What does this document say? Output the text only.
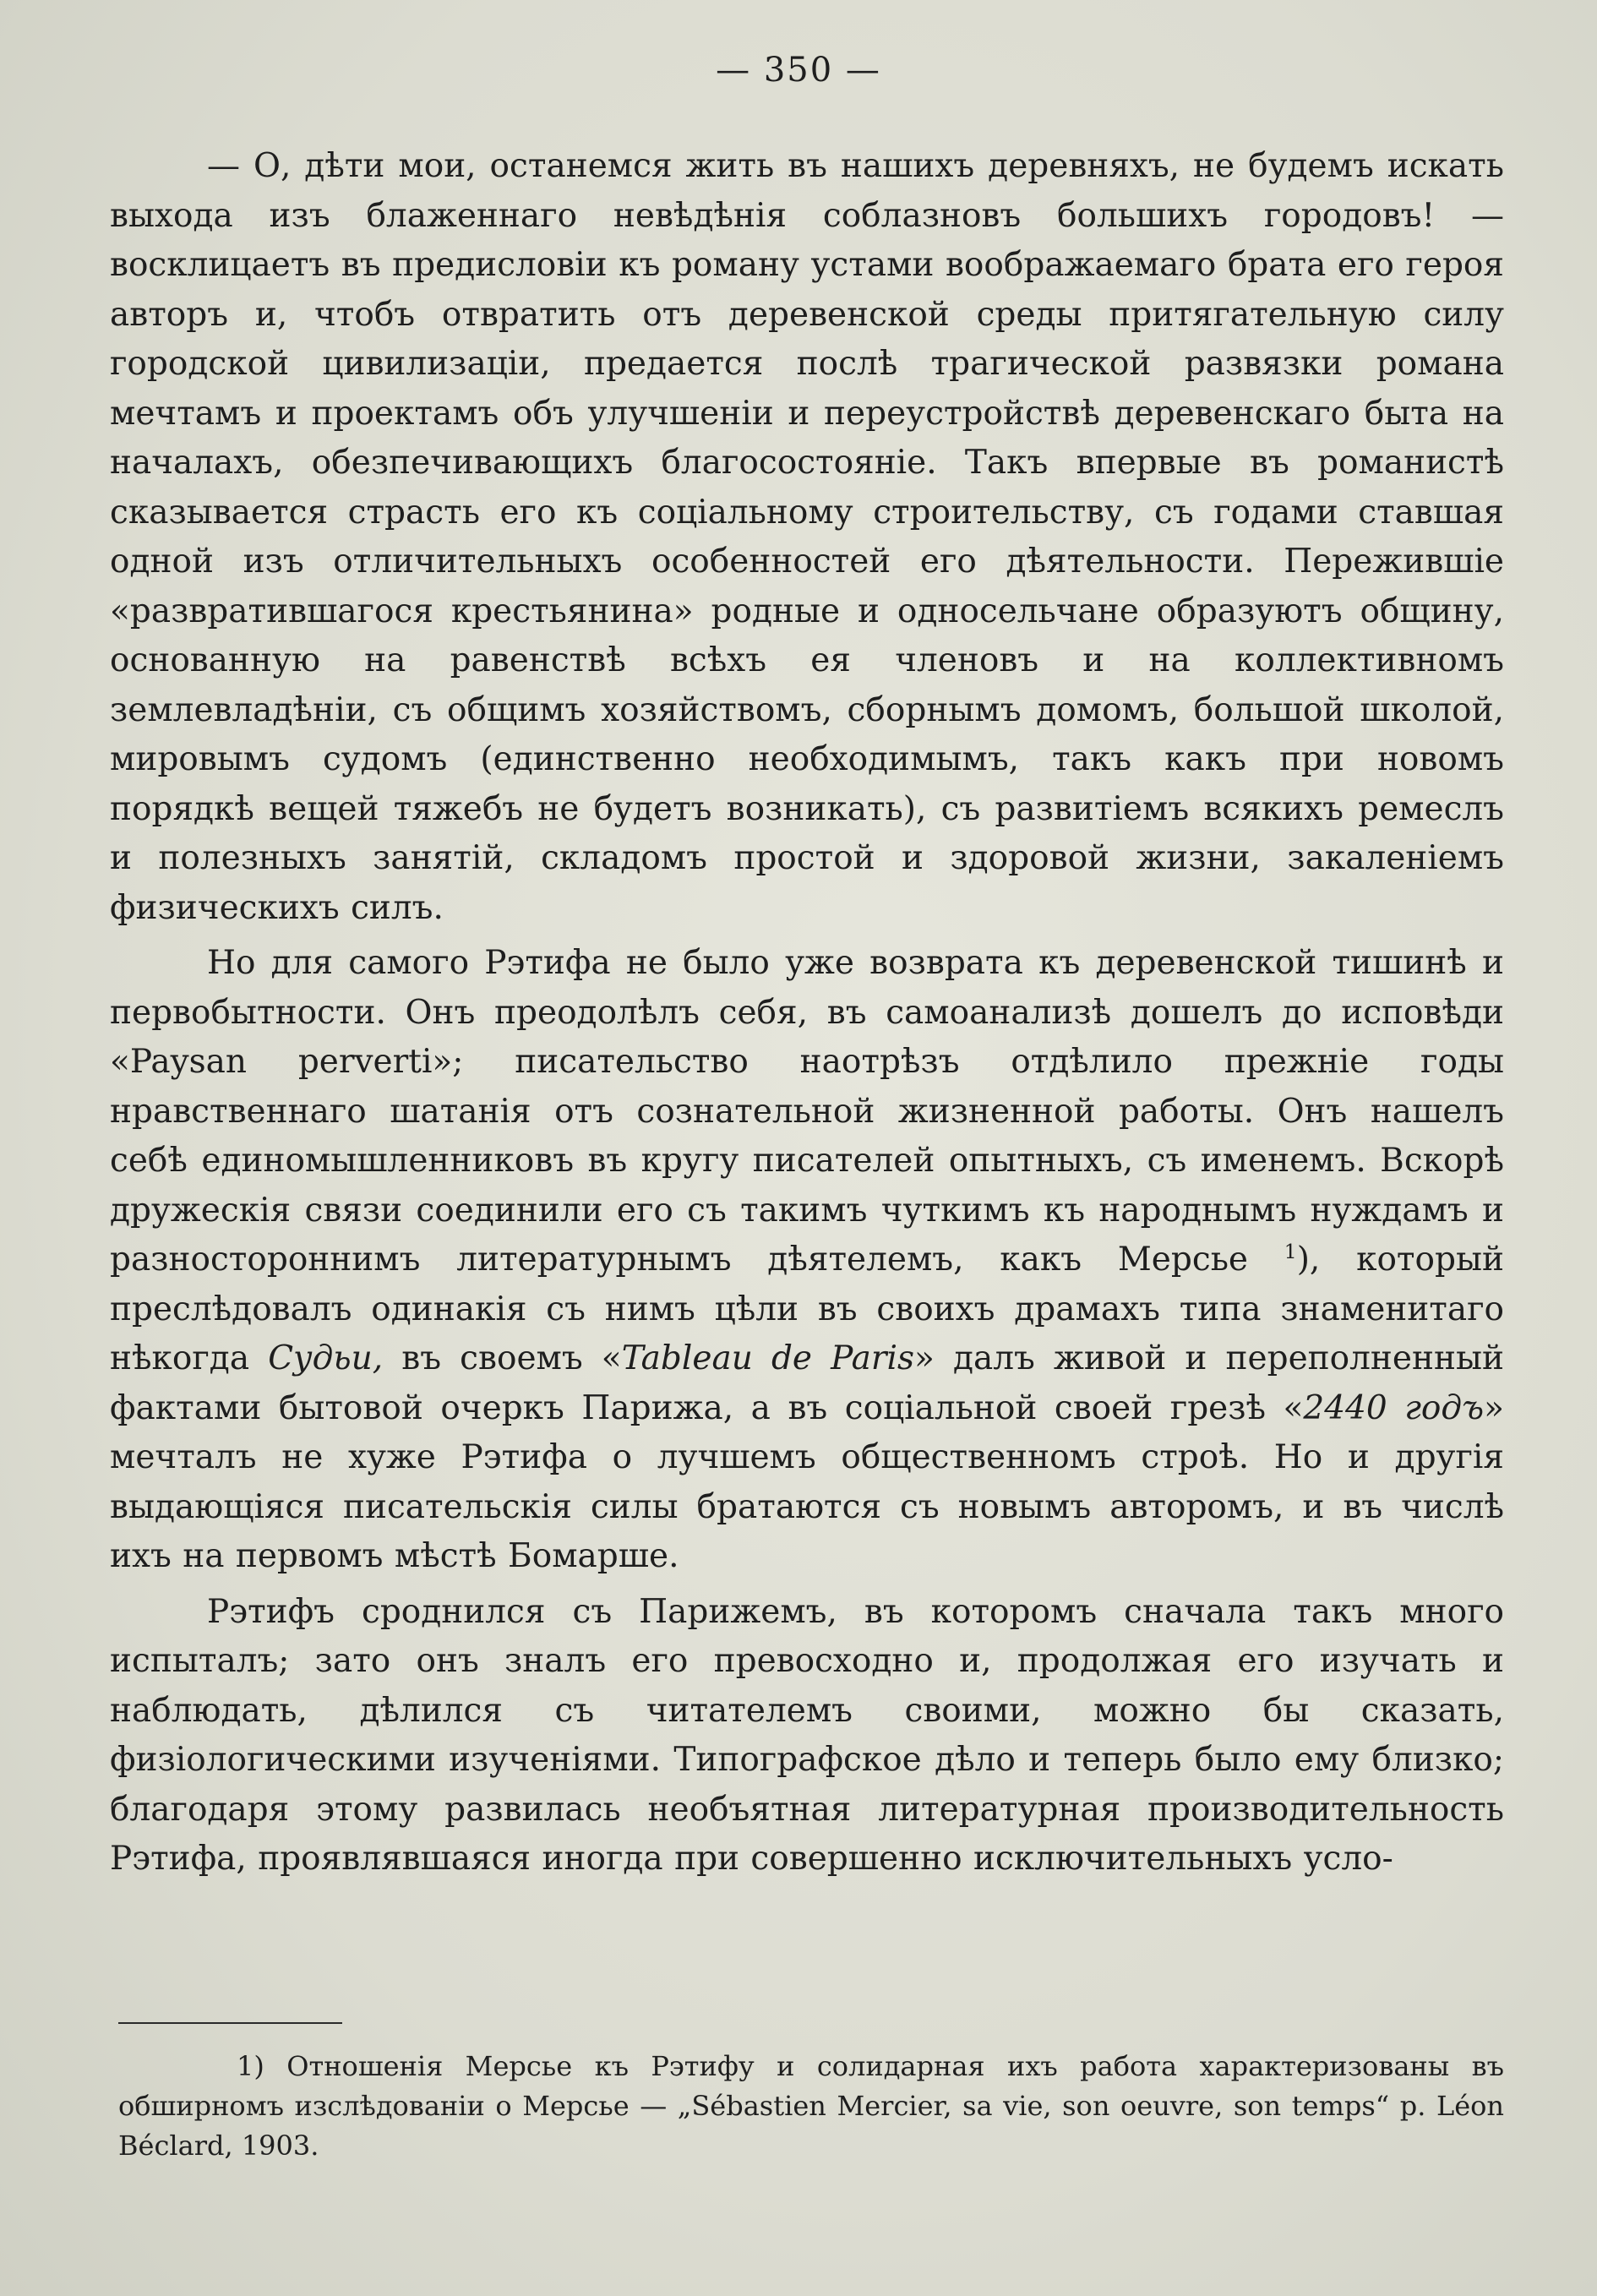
— 350 —

— О, дѣти мои, останемся жить въ нашихъ деревняхъ, не будемъ искать выхода изъ блаженнаго невѣдѣнія соблазновъ большихъ городовъ! — восклицаетъ въ предисловіи къ роману устами воображаемаго брата его героя авторъ и, чтобъ отвратить отъ деревенской среды притягательную силу городской цивилизаціи, предается послѣ трагической развязки романа мечтамъ и проектамъ объ улучшеніи и переустройствѣ деревенскаго быта на началахъ, обезпечивающихъ благосостояніе. Такъ впервые въ романистѣ сказывается страсть его къ соціальному строительству, съ годами ставшая одной изъ отличительныхъ особенностей его дѣятельности. Пережившіе «развратившагося крестьянина» родные и односельчане образуютъ общину, основанную на равенствѣ всѣхъ ея членовъ и на коллективномъ землевладѣніи, съ общимъ хозяйствомъ, сборнымъ домомъ, большой школой, мировымъ судомъ (единственно необходимымъ, такъ какъ при новомъ порядкѣ вещей тяжебъ не будетъ возникать), съ развитіемъ всякихъ ремеслъ и полезныхъ занятій, складомъ простой и здоровой жизни, закаленіемъ физическихъ силъ.

Но для самого Рэтифа не было уже возврата къ деревенской тишинѣ и первобытности. Онъ преодолѣлъ себя, въ самоанализѣ дошелъ до исповѣди «Paysan perverti»; писательство наотрѣзъ отдѣлило прежніе годы нравственнаго шатанія отъ сознательной жизненной работы. Онъ нашелъ себѣ единомышленниковъ въ кругу писателей опытныхъ, съ именемъ. Вскорѣ дружескія связи соединили его съ такимъ чуткимъ къ народнымъ нуждамъ и разностороннимъ литературнымъ дѣятелемъ, какъ Мерсье $^1$), который преслѣдовалъ одинакія съ нимъ цѣли въ своихъ драмахъ типа знаменитаго нѣкогда Судьи, въ своемъ «Tableau de Paris» далъ живой и переполненный фактами бытовой очеркъ Парижа, а въ соціальной своей грезѣ «2440 годъ» мечталъ не хуже Рэтифа о лучшемъ общественномъ строѣ. Но и другія выдающіяся писательскія силы братаются съ новымъ авторомъ, и въ числѣ ихъ на первомъ мѣстѣ Бомарше.

Рэтифъ сроднился съ Парижемъ, въ которомъ сначала такъ много испыталъ; зато онъ зналъ его превосходно и, продолжая его изучать и наблюдать, дѣлился съ читателемъ своими, можно бы сказать, физіологическими изученіями. Типографское дѣло и теперь было ему близко; благодаря этому развилась необъятная литературная производительность Рэтифа, проявлявшаяся иногда при совершенно исключительныхъ усло-

1) Отношенія Мерсье къ Рэтифу и солидарная ихъ работа характеризованы въ обширномъ изслѣдованіи о Мерсье — „Sébastien Mercier, sa vie, son oeuvre, son temps“ p. Léon Béclard, 1903.
